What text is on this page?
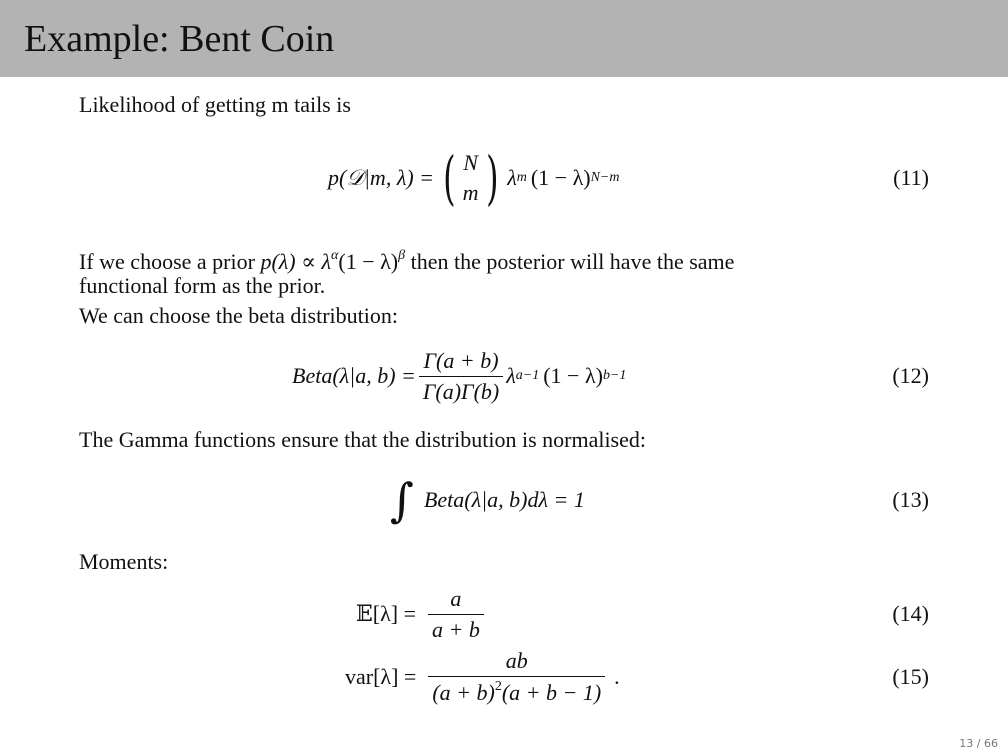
Example: Bent Coin

Likelihood of getting m tails is

p(𝒟|m, λ) = ( N
m ) λ m (1 − λ) N−m	(11)

If we choose a prior $p(\lambda) \propto \lambda^\alpha(1 - \lambda)^\beta$ then the posterior will have the same

functional form as the prior.

We can choose the beta distribution:

Beta(λ|a, $b) = \frac{\Gamma(a + b)}{\Gamma(a)\Gamma(b)}$ λ a−1 (1 − λ) b−1	(12)

The Gamma functions ensure that the distribution is normalised:

∫ Beta(λ|a, b)dλ = 1	(13)

Moments:

𝔼[λ] = $\frac{a}{a + b}$	(14)
$var[\lambda] = \frac{ab}{(a + b)^2(a + b - 1)}$ .	(15)
13 / 66
